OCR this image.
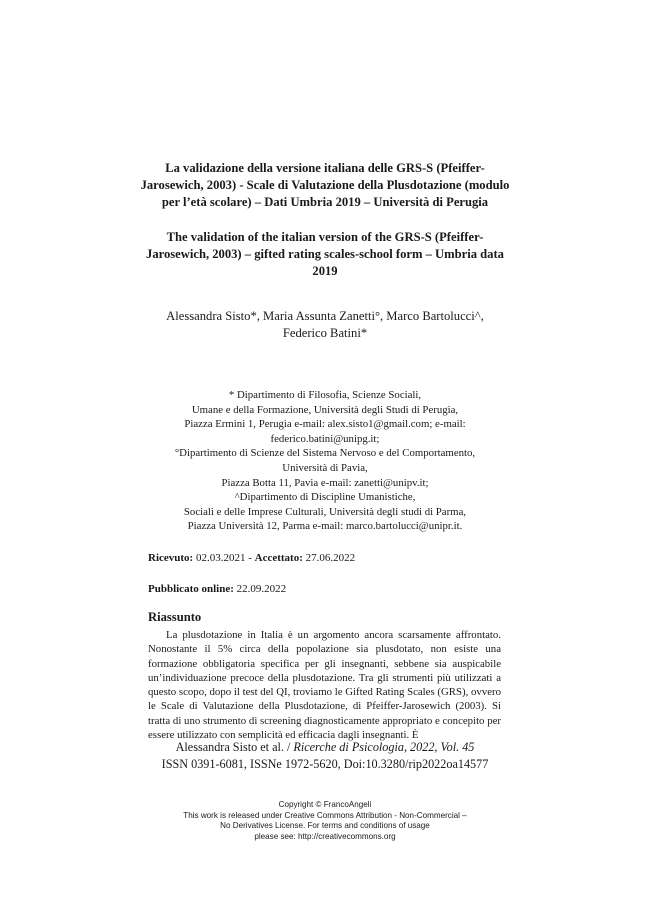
La validazione della versione italiana delle GRS-S (Pfeiffer-Jarosewich, 2003) - Scale di Valutazione della Plusdotazione (modulo per l’età scolare) – Dati Umbria 2019 – Università di Perugia
The validation of the italian version of the GRS-S (Pfeiffer-Jarosewich, 2003) – gifted rating scales-school form – Umbria data 2019
Alessandra Sisto*, Maria Assunta Zanetti°, Marco Bartolucci^, Federico Batini*
* Dipartimento di Filosofia, Scienze Sociali,
Umane e della Formazione, Università degli Studi di Perugia,
Piazza Ermini 1, Perugia e-mail: alex.sisto1@gmail.com; e-mail:
federico.batini@unipg.it;
°Dipartimento di Scienze del Sistema Nervoso e del Comportamento,
Università di Pavia,
Piazza Botta 11, Pavia e-mail: zanetti@unipv.it;
^Dipartimento di Discipline Umanistiche,
Sociali e delle Imprese Culturali, Università degli studi di Parma,
Piazza Università 12, Parma e-mail: marco.bartolucci@unipr.it.
Ricevuto: 02.03.2021 - Accettato: 27.06.2022
Pubblicato online: 22.09.2022
Riassunto

La plusdotazione in Italia è un argomento ancora scarsamente affrontato. Nonostante il 5% circa della popolazione sia plusdotato, non esiste una formazione obbligatoria specifica per gli insegnanti, sebbene sia auspicabile un’individuazione precoce della plusdotazione. Tra gli strumenti più utilizzati a questo scopo, dopo il test del QI, troviamo le Gifted Rating Scales (GRS), ovvero le Scale di Valutazione della Plusdotazione, di Pfeiffer-Jarosewich (2003). Si tratta di uno strumento di screening diagnosticamente appropriato e concepito per essere utilizzato con semplicità ed efficacia dagli insegnanti. È

Alessandra Sisto et al. / Ricerche di Psicologia, 2022, Vol. 45
ISSN 0391-6081, ISSNe 1972-5620, Doi:10.3280/rip2022oa14577
Copyright © FrancoAngeli
This work is released under Creative Commons Attribution - Non-Commercial –
No Derivatives License. For terms and conditions of usage
please see: http://creativecommons.org
